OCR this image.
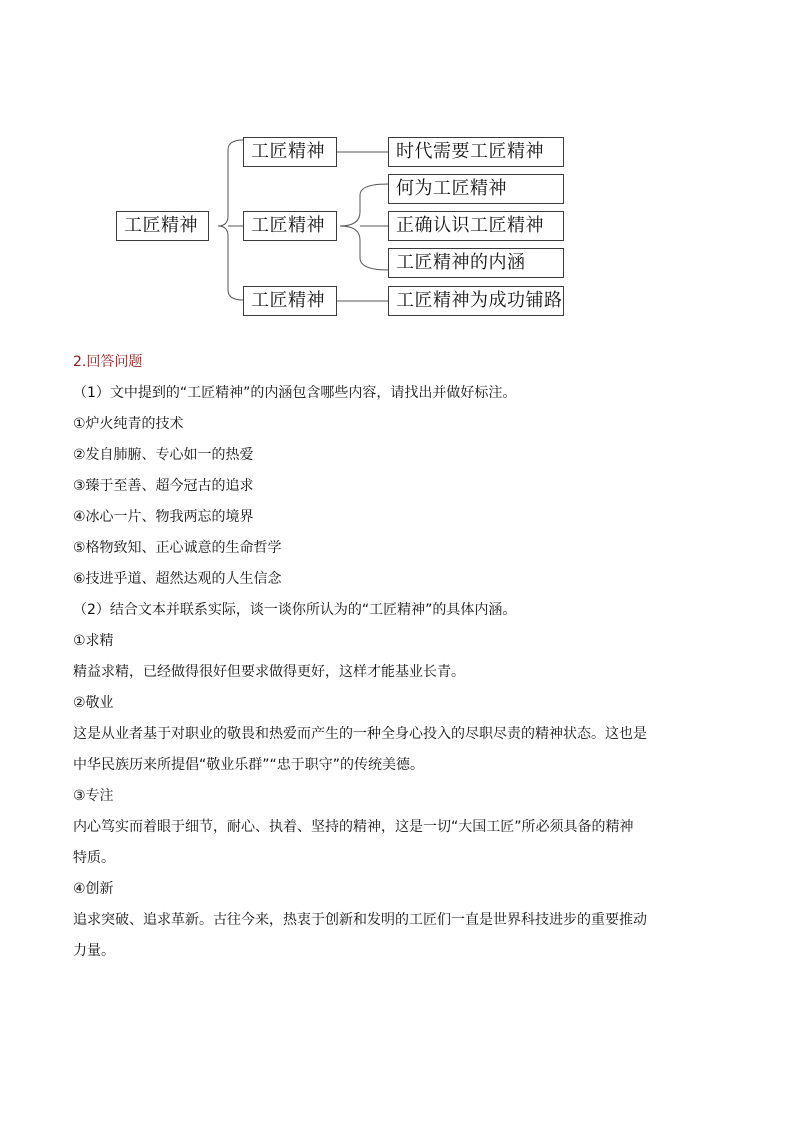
工匠精神
工匠精神
工匠精神
工匠精神
时代需要工匠精神
何为工匠精神
正确认识工匠精神
工匠精神的内涵
工匠精神为成功铺路
2.回答问题
（1）文中提到的“工匠精神”的内涵包含哪些内容，请找出并做好标注。
①炉火纯青的技术
②发自肺腑、专心如一的热爱
③臻于至善、超今冠古的追求
④冰心一片、物我两忘的境界
⑤格物致知、正心诚意的生命哲学
⑥技进乎道、超然达观的人生信念
（2）结合文本并联系实际，谈一谈你所认为的“工匠精神”的具体内涵。
①求精
精益求精，已经做得很好但要求做得更好，这样才能基业长青。
②敬业
这是从业者基于对职业的敬畏和热爱而产生的一种全身心投入的尽职尽责的精神状态。这也是
中华民族历来所提倡“敬业乐群”“忠于职守”的传统美德。
③专注
内心笃实而着眼于细节，耐心、执着、坚持的精神，这是一切“大国工匠”所必须具备的精神
特质。
④创新
追求突破、追求革新。古往今来，热衷于创新和发明的工匠们一直是世界科技进步的重要推动
力量。
